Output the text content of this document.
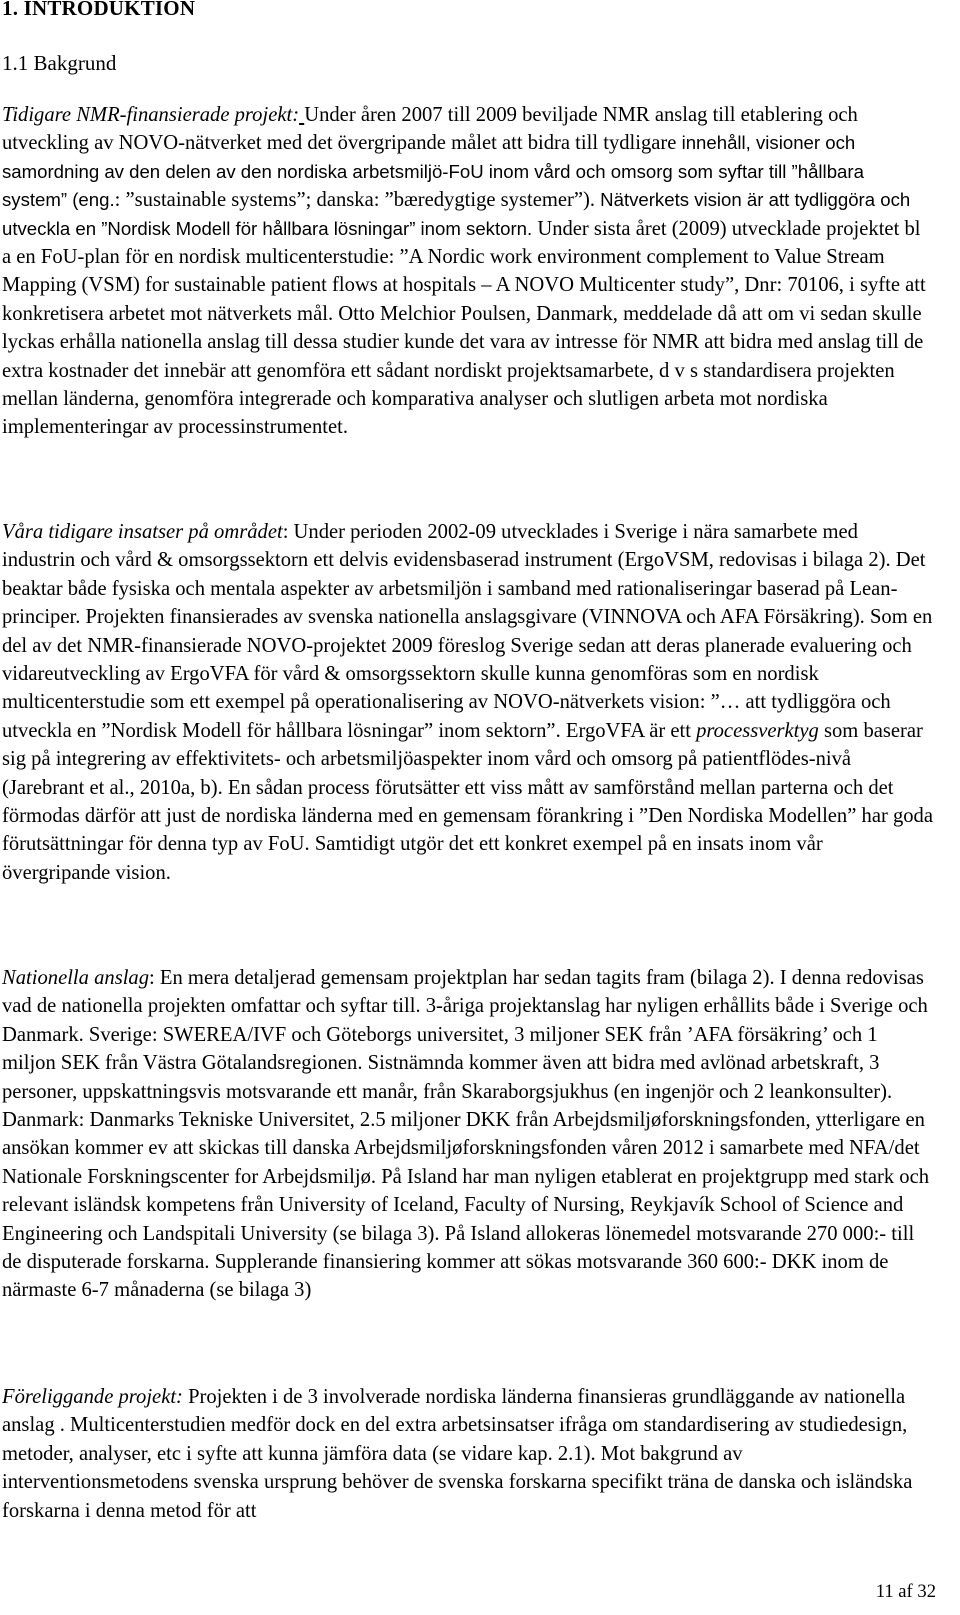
1. INTRODUKTION
1.1 Bakgrund

Tidigare NMR-finansierade projekt: Under åren 2007 till 2009 beviljade NMR anslag till etablering och utveckling av NOVO-nätverket med det övergripande målet att bidra till tydligare innehåll, visioner och samordning av den delen av den nordiska arbetsmiljö-FoU inom vård och omsorg som syftar till ”hållbara system” (eng.: ”sustainable systems”; danska: ”bæredygtige systemer”). Nätverkets vision är att tydliggöra och utveckla en ”Nordisk Modell för hållbara lösningar” inom sektorn. Under sista året (2009) utvecklade projektet bl a en FoU-plan för en nordisk multicenterstudie: ”A Nordic work environment complement to Value Stream Mapping (VSM) for sustainable patient flows at hospitals – A NOVO Multicenter study”, Dnr: 70106, i syfte att konkretisera arbetet mot nätverkets mål. Otto Melchior Poulsen, Danmark, meddelade då att om vi sedan skulle lyckas erhålla nationella anslag till dessa studier kunde det vara av intresse för NMR att bidra med anslag till de extra kostnader det innebär att genomföra ett sådant nordiskt projektsamarbete, d v s standardisera projekten mellan länderna, genomföra integrerade och komparativa analyser och slutligen arbeta mot nordiska implementeringar av processinstrumentet.

Våra tidigare insatser på området: Under perioden 2002-09 utvecklades i Sverige i nära samarbete med industrin och vård & omsorgssektorn ett delvis evidensbaserad instrument (ErgoVSM, redovisas i bilaga 2). Det beaktar både fysiska och mentala aspekter av arbetsmiljön i samband med rationaliseringar baserad på Lean-principer. Projekten finansierades av svenska nationella anslagsgivare (VINNOVA och AFA Försäkring). Som en del av det NMR-finansierade NOVO-projektet 2009 föreslog Sverige sedan att deras planerade evaluering och vidareutveckling av ErgoVFA för vård & omsorgssektorn skulle kunna genomföras som en nordisk multicenterstudie som ett exempel på operationalisering av NOVO-nätverkets vision: ”… att tydliggöra och utveckla en ”Nordisk Modell för hållbara lösningar” inom sektorn”. ErgoVFA är ett processverktyg som baserar sig på integrering av effektivitets- och arbetsmiljöaspekter inom vård och omsorg på patientflödes-nivå (Jarebrant et al., 2010a, b). En sådan process förutsätter ett viss mått av samförstånd mellan parterna och det förmodas därför att just de nordiska länderna med en gemensam förankring i ”Den Nordiska Modellen” har goda förutsättningar för denna typ av FoU. Samtidigt utgör det ett konkret exempel på en insats inom vår övergripande vision.

Nationella anslag: En mera detaljerad gemensam projektplan har sedan tagits fram (bilaga 2). I denna redovisas vad de nationella projekten omfattar och syftar till. 3-åriga projektanslag har nyligen erhållits både i Sverige och Danmark. Sverige: SWEREA/IVF och Göteborgs universitet, 3 miljoner SEK från ’AFA försäkring’ och 1 miljon SEK från Västra Götalandsregionen. Sistnämnda kommer även att bidra med avlönad arbetskraft, 3 personer, uppskattningsvis motsvarande ett manår, från Skaraborgsjukhus (en ingenjör och 2 leankonsulter). Danmark: Danmarks Tekniske Universitet, 2.5 miljoner DKK från Arbejdsmiljøforskningsfonden, ytterligare en ansökan kommer ev att skickas till danska Arbejdsmiljøforskningsfonden våren 2012 i samarbete med NFA/det Nationale Forskningscenter for Arbejdsmiljø. På Island har man nyligen etablerat en projektgrupp med stark och relevant isländsk kompetens från University of Iceland, Faculty of Nursing, Reykjavík School of Science and Engineering och Landspitali University (se bilaga 3). På Island allokeras lönemedel motsvarande 270 000:- till de disputerade forskarna. Supplerande finansiering kommer att sökas motsvarande 360 600:- DKK inom de närmaste 6-7 månaderna (se bilaga 3)

Föreliggande projekt: Projekten i de 3 involverade nordiska länderna finansieras grundläggande av nationella anslag . Multicenterstudien medför dock en del extra arbetsinsatser ifråga om standardisering av studiedesign, metoder, analyser, etc i syfte att kunna jämföra data (se vidare kap. 2.1). Mot bakgrund av interventionsmetodens svenska ursprung behöver de svenska forskarna specifikt träna de danska och isländska forskarna i denna metod för att

11 af 32
